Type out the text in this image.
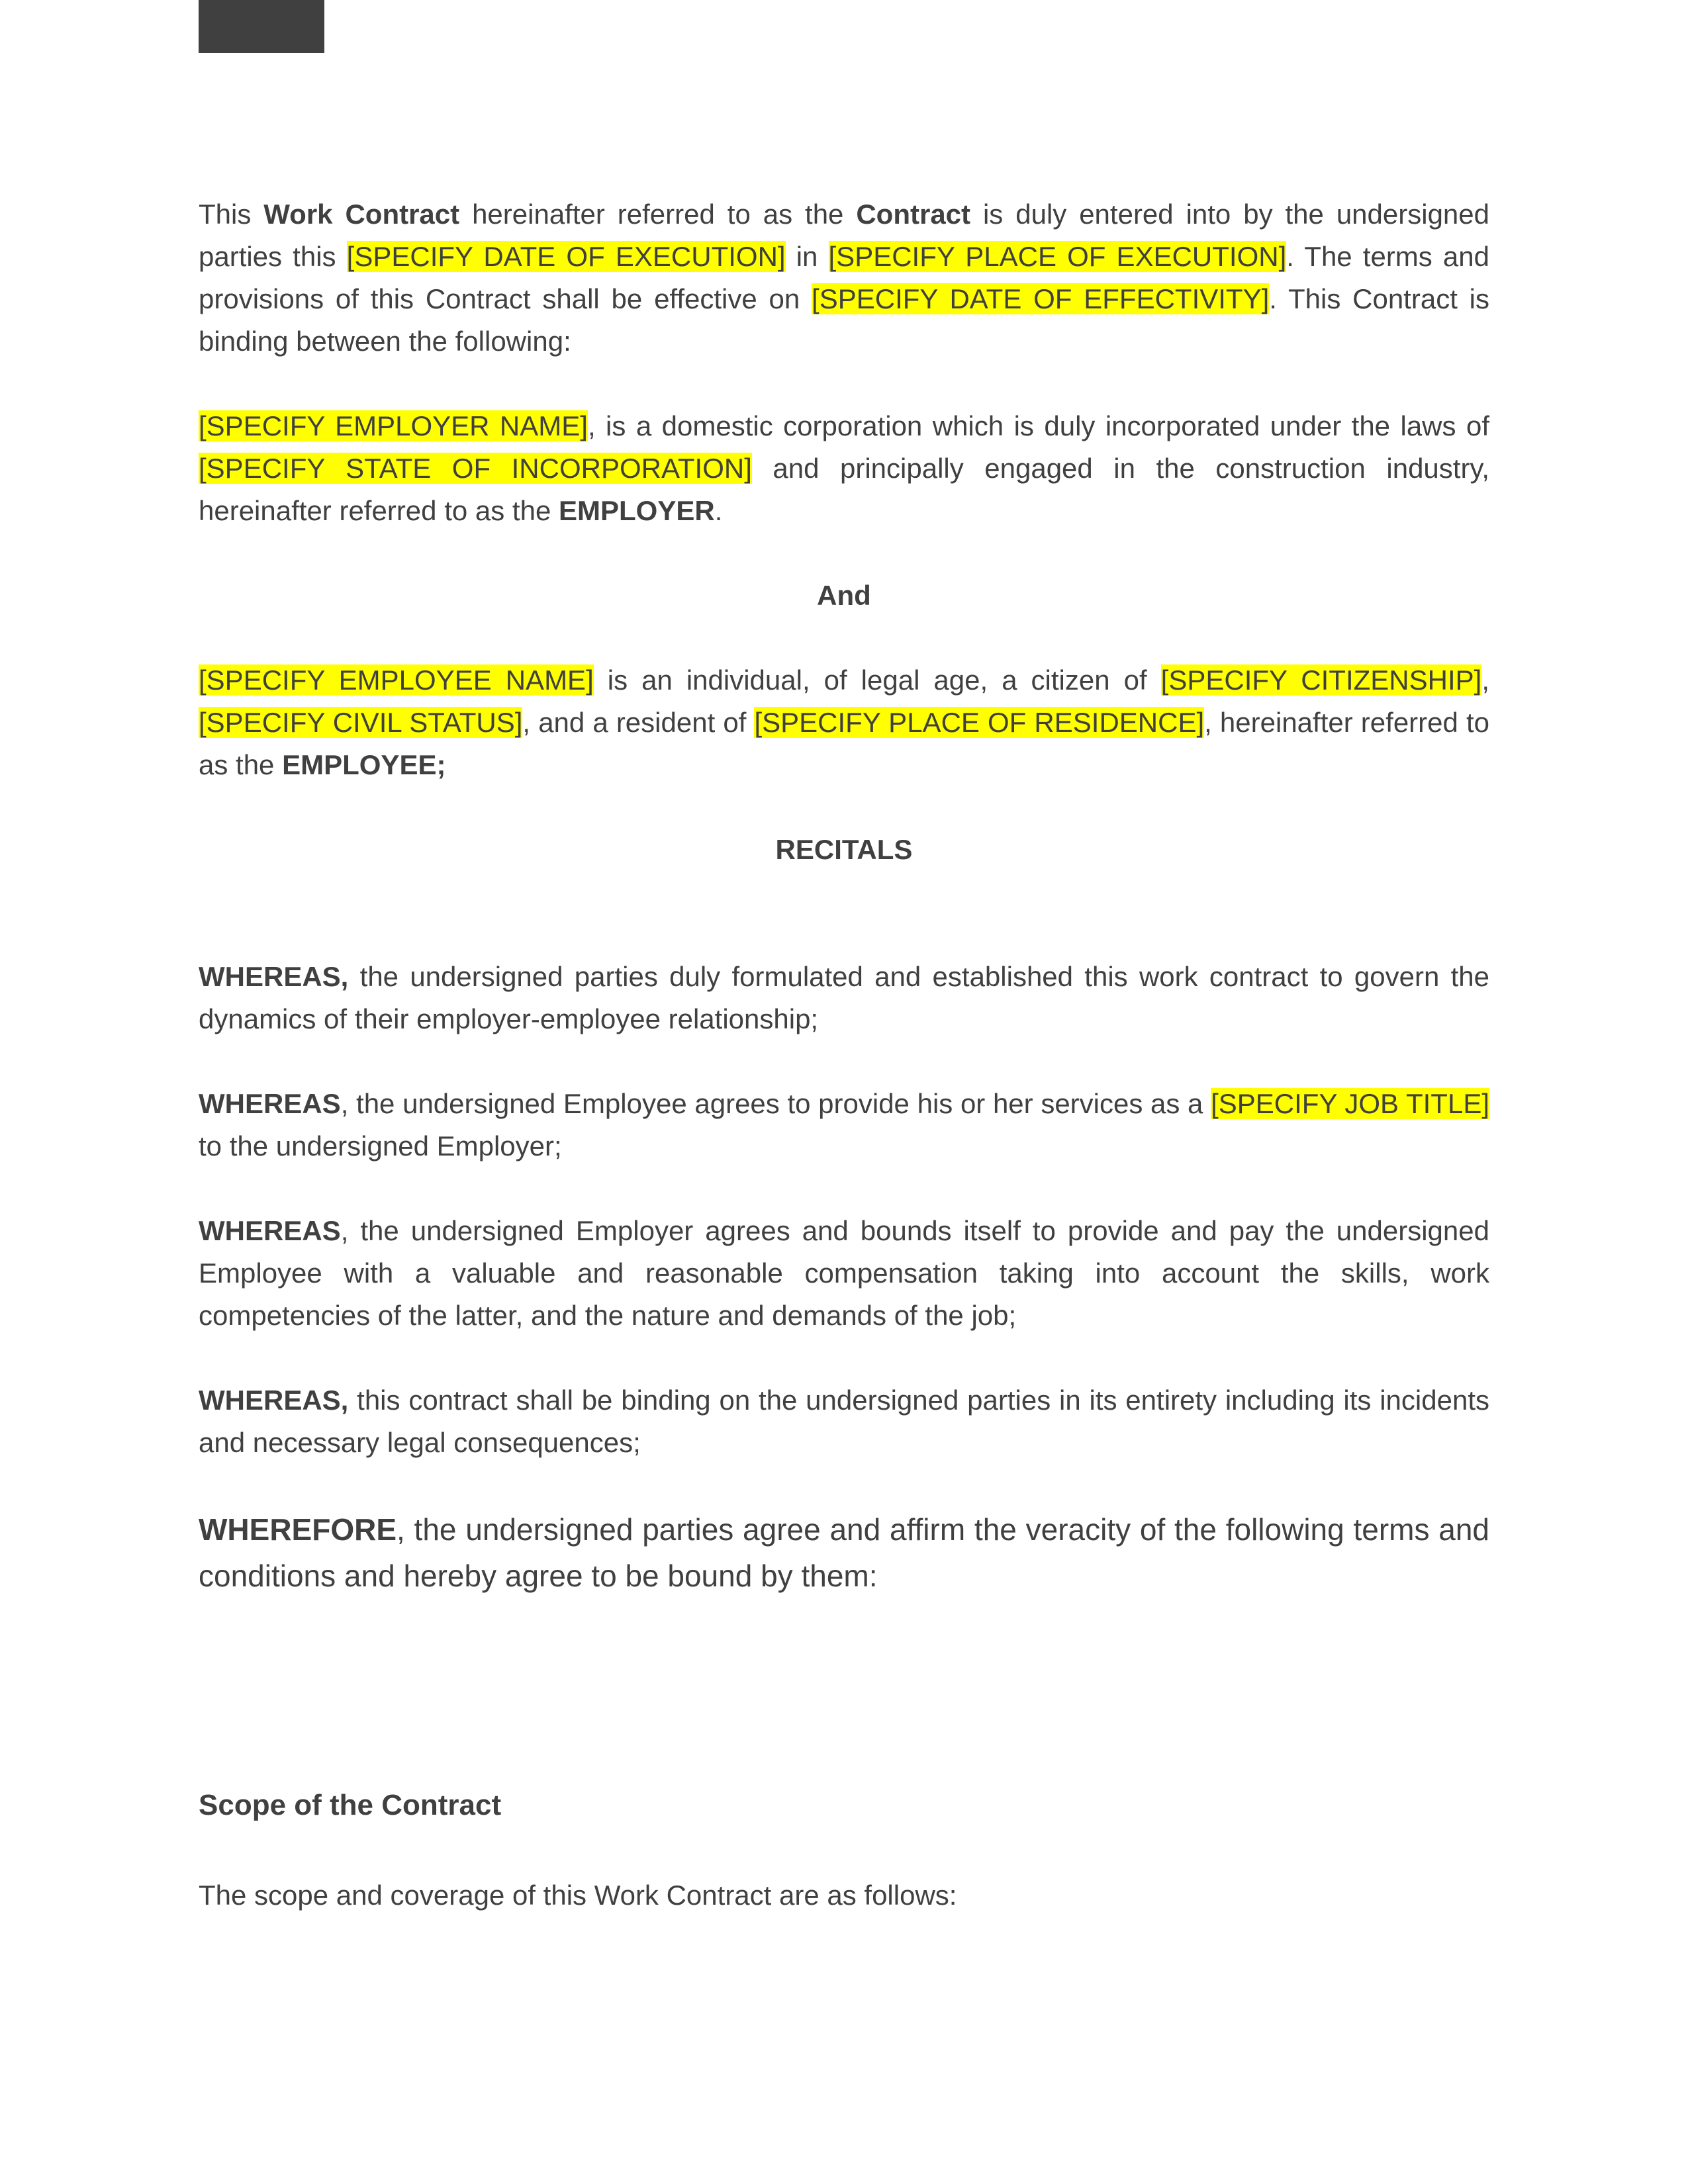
This Work Contract hereinafter referred to as the Contract is duly entered into by the undersigned parties this [SPECIFY DATE OF EXECUTION] in [SPECIFY PLACE OF EXECUTION]. The terms and provisions of this Contract shall be effective on [SPECIFY DATE OF EFFECTIVITY]. This Contract is binding between the following:

[SPECIFY EMPLOYER NAME], is a domestic corporation which is duly incorporated under the laws of [SPECIFY STATE OF INCORPORATION] and principally engaged in the construction industry, hereinafter referred to as the EMPLOYER.

And

[SPECIFY EMPLOYEE NAME] is an individual, of legal age, a citizen of [SPECIFY CITIZENSHIP], [SPECIFY CIVIL STATUS], and a resident of [SPECIFY PLACE OF RESIDENCE], hereinafter referred to as the EMPLOYEE;

RECITALS

WHEREAS, the undersigned parties duly formulated and established this work contract to govern the dynamics of their employer-employee relationship;

WHEREAS, the undersigned Employee agrees to provide his or her services as a [SPECIFY JOB TITLE] to the undersigned Employer;

WHEREAS, the undersigned Employer agrees and bounds itself to provide and pay the undersigned Employee with a valuable and reasonable compensation taking into account the skills, work competencies of the latter, and the nature and demands of the job;

WHEREAS, this contract shall be binding on the undersigned parties in its entirety including its incidents and necessary legal consequences;

WHEREFORE, the undersigned parties agree and affirm the veracity of the following terms and conditions and hereby agree to be bound by them:

Scope of the Contract

The scope and coverage of this Work Contract are as follows:
